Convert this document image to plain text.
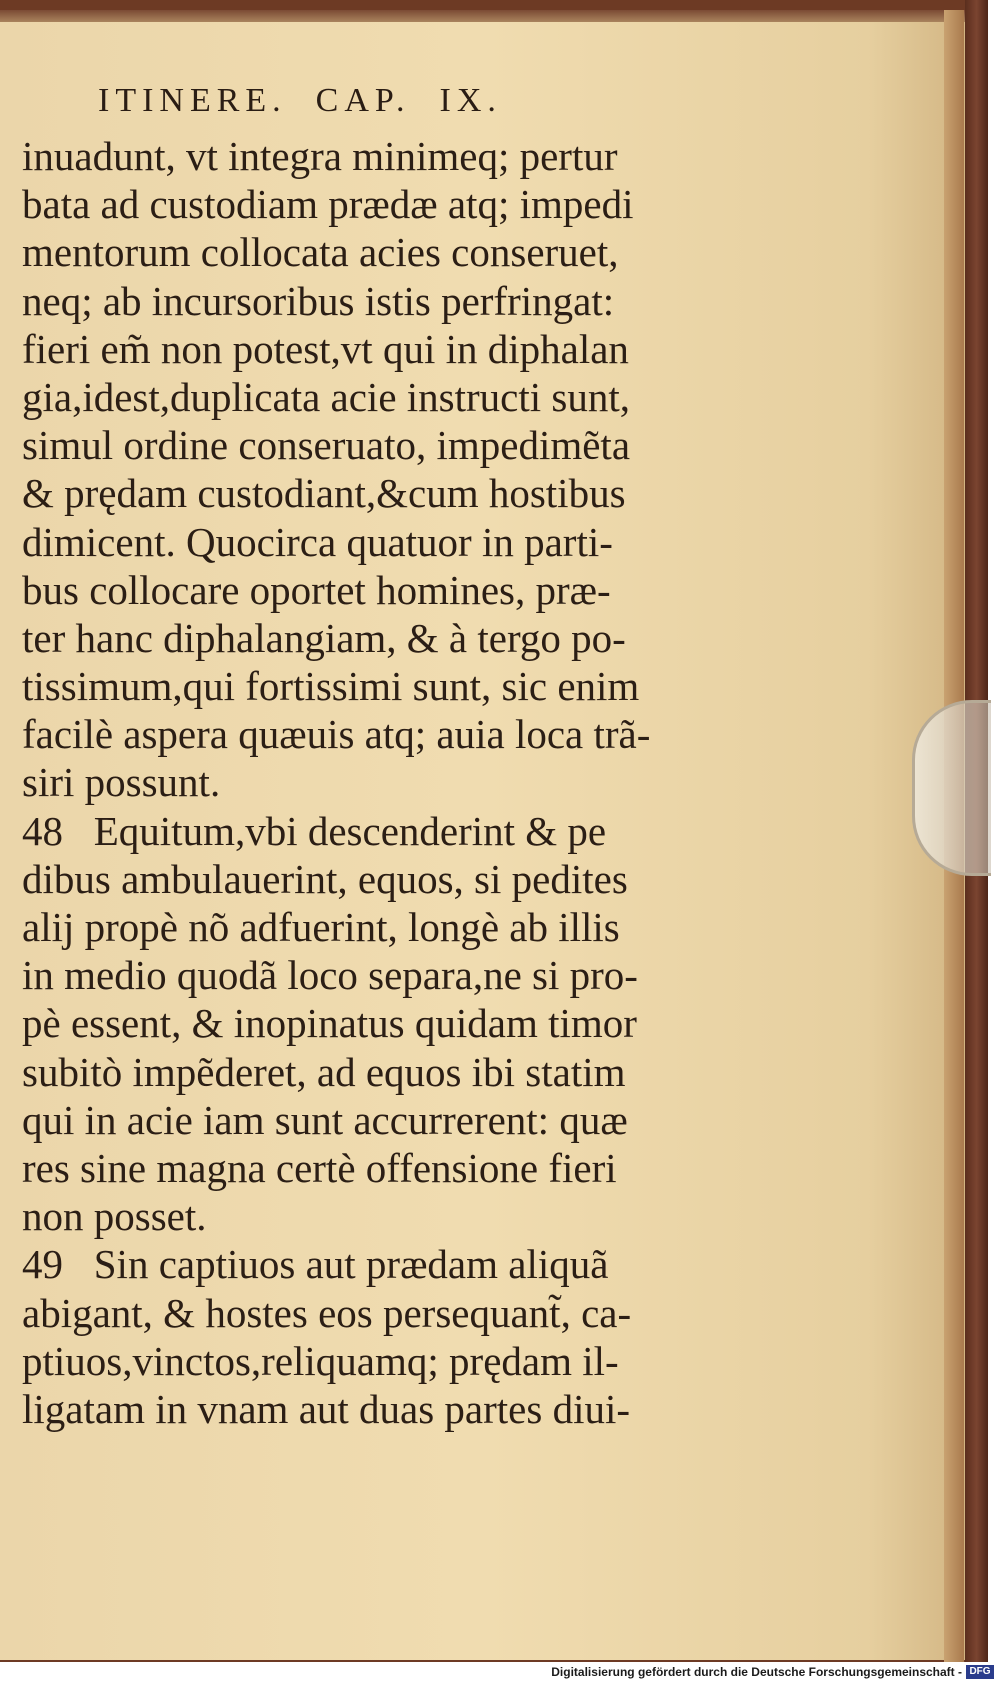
ITINERE.  CAP.  IX.
inuadunt, vt integra minimeq; pertur
bata ad custodiam prædæ atq; impedi
mentorum collocata acies conseruet,
neq; ab incursoribus istis perfringat:
fieri em̃ non potest,vt qui in diphalan
gia,idest,duplicata acie instructi sunt,
simul ordine conseruato, impedimẽta
& prędam custodiant,&cum hostibus
dimicent. Quocirca quatuor in parti-
bus collocare oportet homines, præ-
ter hanc diphalangiam, & à tergo po-
tissimum,qui fortissimi sunt, sic enim
facilè aspera quæuis atq; auia loca trã-
siri possunt.
48   Equitum,vbi descenderint & pe
dibus ambulauerint, equos, si pedites
alij propè nõ adfuerint, longè ab illis
in medio quodã loco separa,ne si pro-
pè essent, & inopinatus quidam timor
subitò impẽderet, ad equos ibi statim
qui in acie iam sunt accurrerent: quæ
res sine magna certè offensione fieri
non posset.
49   Sin captiuos aut prædam aliquã
abigant, & hostes eos persequant̃, ca-
ptiuos,vinctos,reliquamq; prędam il-
ligatam in vnam aut duas partes diui-
Digitalisierung gefördert durch die Deutsche Forschungsgemeinschaft - DFG
